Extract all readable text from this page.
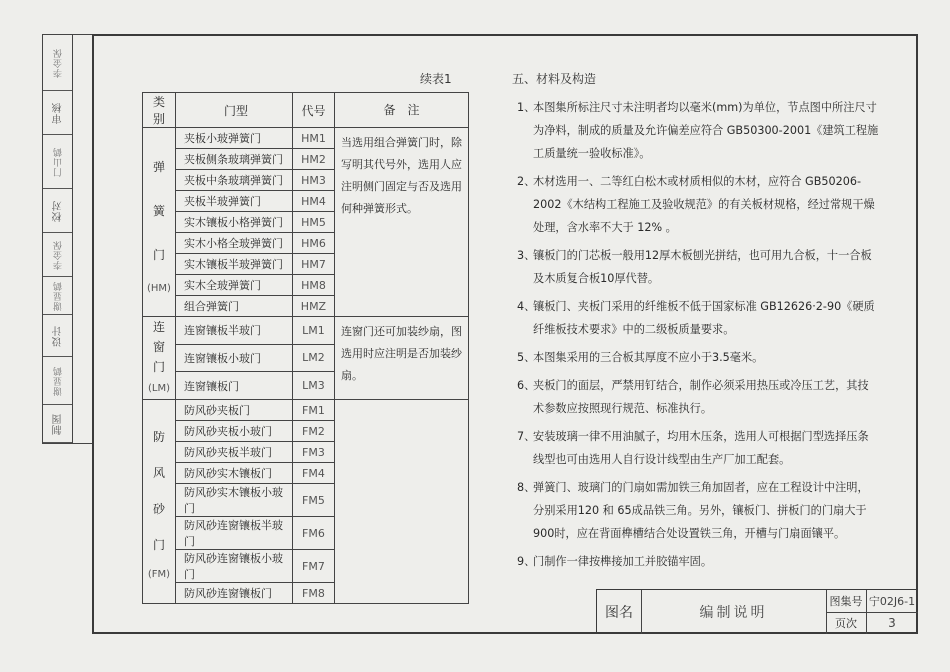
李金保
审核
门山鹤
校对
李金保
谢显鹤
设计
谢显鹤
制图
续表1
类别	门型	代号	备　注

弹
簧
门
(HM)	夹板小玻弹簧门	HM1	当选用组合弹簧门时，除写明其代号外，选用人应注明侧门固定与否及选用何种弹簧形式。
	夹板侧条玻璃弹簧门	HM2	
	夹板中条玻璃弹簧门	HM3	
	夹板半玻弹簧门	HM4	
	实木镶板小格弹簧门	HM5	
	实木小格全玻弹簧门	HM6	
	实木镶板半玻弹簧门	HM7	
	实木全玻弹簧门	HM8	
	组合弹簧门	HMZ	

连
窗
门
(LM)	连窗镶板半玻门	LM1	连窗门还可加装纱扇，图选用时应注明是否加装纱扇。
	连窗镶板小玻门	LM2	
	连窗镶板门	LM3	

防
风
砂
门
(FM)	防风砂夹板门	FM1	
	防风砂夹板小玻门	FM2	
	防风砂夹板半玻门	FM3	
	防风砂实木镶板门	FM4	
	防风砂实木镶板小玻门	FM5	
	防风砂连窗镶板半玻门	FM6	
	防风砂连窗镶板小玻门	FM7	
	防风砂连窗镶板门	FM8	
五、材料及构造
1、
本图集所标注尺寸未注明者均以毫米(mm)为单位，节点图中所注尺寸为净料，制成的质量及允许偏差应符合 GB50300-2001《建筑工程施工质量统一验收标准》。
2、
木材选用一、二等红白松木或材质相似的木材，应符合 GB50206-2002《木结构工程施工及验收规范》的有关板材规格，经过常规干燥处理，含水率不大于 12% 。
3、
镶板门的门芯板一般用12厚木板刨光拼结，也可用九合板，十一合板及木质复合板10厚代替。
4、
镶板门、夹板门采用的纤维板不低于国家标准 GB12626·2-90《硬质纤维板技术要求》中的二级板质量要求。
5、
本图集采用的三合板其厚度不应小于3.5毫米。
6、
夹板门的面层，严禁用钉结合，制作必须采用热压或冷压工艺，其技术参数应按照现行规范、标准执行。
7、
安装玻璃一律不用油腻子，均用木压条，选用人可根据门型选择压条线型也可由选用人自行设计线型由生产厂加工配套。
8、
弹簧门、玻璃门的门扇如需加铁三角加固者，应在工程设计中注明，分别采用120 和 65成品铁三角。另外，镶板门、拼板门的门扇大于 900时，应在背面榫槽结合处设置铁三角，开槽与门扇面镶平。
9、
门制作一律按榫接加工并胶锚牢固。
图名	编制说明
图集号 宁02J6-1
页次	3
